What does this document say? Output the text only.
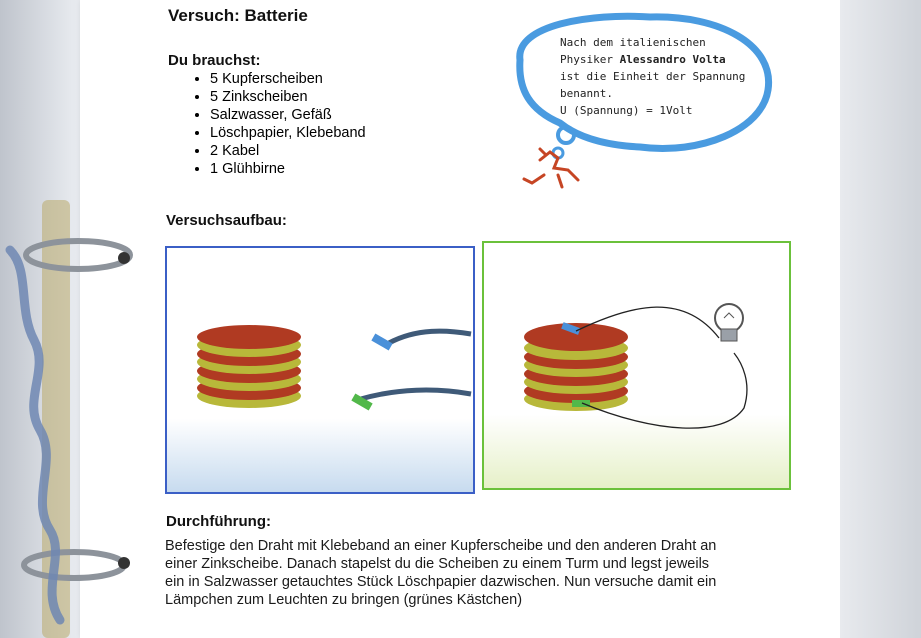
Versuch: Batterie
Du brauchst:
• 5 Kupferscheiben
• 5 Zinkscheiben
• Salzwasser, Gefäß
• Löschpapier, Klebeband
• 2 Kabel
• 1 Glühbirne
Nach dem italienischen
Physiker Alessandro Volta
ist die Einheit der Spannung
benannt.
U (Spannung) = 1Volt
Versuchsaufbau:
Durchführung:
Befestige den Draht mit Klebeband an einer Kupferscheibe und den anderen Draht an
einer Zinkscheibe. Danach stapelst du die Scheiben zu einem Turm und legst jeweils
ein in Salzwasser getauchtes Stück Löschpapier dazwischen. Nun versuche damit ein
Lämpchen zum Leuchten zu bringen (grünes Kästchen)
